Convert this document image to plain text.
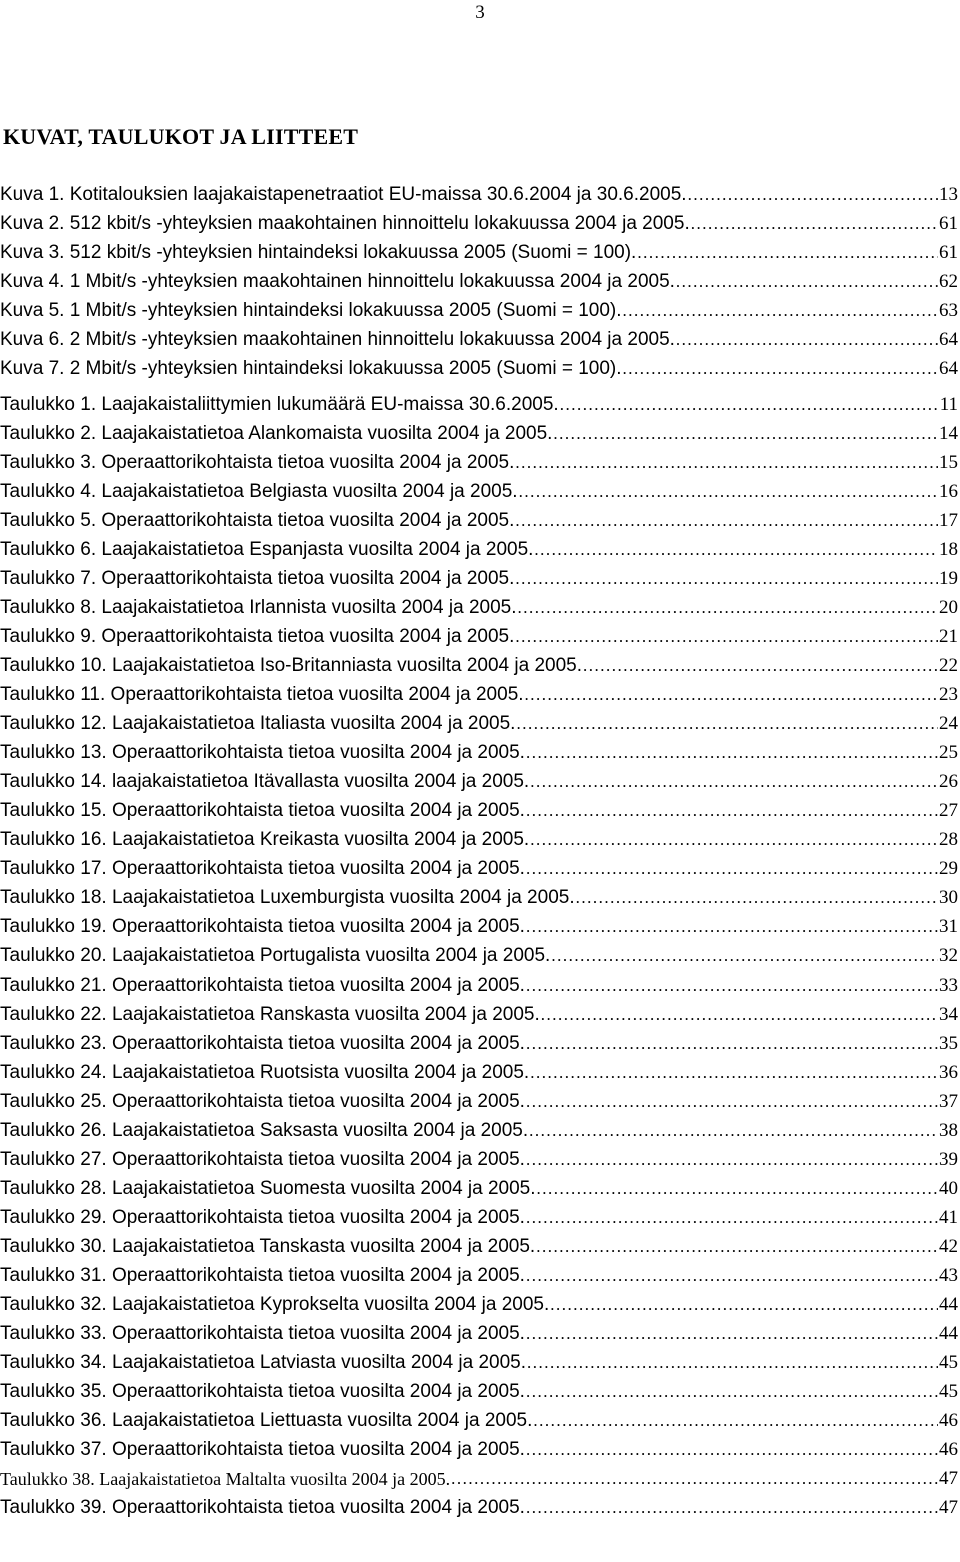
3
KUVAT, TAULUKOT JA LIITTEET
Kuva 1. Kotitalouksien laajakaistapenetraatiot EU-maissa 30.6.2004 ja 30.6.2005. .....	13
Kuva 2. 512 kbit/s -yhteyksien maakohtainen hinnoittelu lokakuussa 2004 ja 2005. .....	61
Kuva 3. 512 kbit/s -yhteyksien hintaindeksi lokakuussa 2005 (Suomi = 100). .....	61
Kuva 4. 1 Mbit/s -yhteyksien maakohtainen hinnoittelu lokakuussa 2004 ja 2005. .....	62
Kuva 5. 1 Mbit/s -yhteyksien hintaindeksi lokakuussa 2005 (Suomi = 100). .....	63
Kuva 6. 2 Mbit/s -yhteyksien maakohtainen hinnoittelu lokakuussa 2004 ja 2005. .....	64
Kuva 7. 2 Mbit/s -yhteyksien hintaindeksi lokakuussa 2005 (Suomi = 100). .....	64
Taulukko 1. Laajakaistaliittymien lukumäärä EU-maissa 30.6.2005. .....	11
Taulukko 2. Laajakaistatietoa Alankomaista vuosilta 2004 ja 2005. .....	14
Taulukko 3. Operaattorikohtaista tietoa vuosilta 2004 ja 2005. .....	15
Taulukko 4. Laajakaistatietoa Belgiasta vuosilta 2004 ja 2005. .....	16
Taulukko 5. Operaattorikohtaista tietoa vuosilta 2004 ja 2005. .....	17
Taulukko 6. Laajakaistatietoa Espanjasta vuosilta 2004 ja 2005. .....	18
Taulukko 7. Operaattorikohtaista tietoa vuosilta 2004 ja 2005. .....	19
Taulukko 8. Laajakaistatietoa Irlannista vuosilta 2004 ja 2005. .....	20
Taulukko 9. Operaattorikohtaista tietoa vuosilta 2004 ja 2005. .....	21
Taulukko 10. Laajakaistatietoa Iso-Britanniasta vuosilta 2004 ja 2005. .....	22
Taulukko 11. Operaattorikohtaista tietoa vuosilta 2004 ja 2005. .....	23
Taulukko 12. Laajakaistatietoa Italiasta vuosilta 2004 ja 2005. .....	24
Taulukko 13. Operaattorikohtaista tietoa vuosilta 2004 ja 2005. .....	25
Taulukko 14. laajakaistatietoa Itävallasta vuosilta 2004 ja 2005. .....	26
Taulukko 15. Operaattorikohtaista tietoa vuosilta 2004 ja 2005. .....	27
Taulukko 16. Laajakaistatietoa Kreikasta vuosilta 2004 ja 2005. .....	28
Taulukko 17. Operaattorikohtaista tietoa vuosilta 2004 ja 2005. .....	29
Taulukko 18. Laajakaistatietoa Luxemburgista vuosilta 2004 ja 2005. .....	30
Taulukko 19. Operaattorikohtaista tietoa vuosilta 2004 ja 2005. .....	31
Taulukko 20. Laajakaistatietoa Portugalista vuosilta 2004 ja 2005. .....	32
Taulukko 21. Operaattorikohtaista tietoa vuosilta 2004 ja 2005. .....	33
Taulukko 22. Laajakaistatietoa Ranskasta vuosilta 2004 ja 2005. .....	34
Taulukko 23. Operaattorikohtaista tietoa vuosilta 2004 ja 2005. .....	35
Taulukko 24. Laajakaistatietoa Ruotsista vuosilta 2004 ja 2005. .....	36
Taulukko 25. Operaattorikohtaista tietoa vuosilta 2004 ja 2005. .....	37
Taulukko 26. Laajakaistatietoa Saksasta vuosilta 2004 ja 2005. .....	38
Taulukko 27. Operaattorikohtaista tietoa vuosilta 2004 ja 2005. .....	39
Taulukko 28. Laajakaistatietoa Suomesta vuosilta 2004 ja 2005. .....	40
Taulukko 29. Operaattorikohtaista tietoa vuosilta 2004 ja 2005. .....	41
Taulukko 30. Laajakaistatietoa Tanskasta vuosilta 2004 ja 2005. .....	42
Taulukko 31. Operaattorikohtaista tietoa vuosilta 2004 ja 2005. .....	43
Taulukko 32. Laajakaistatietoa Kyprokselta vuosilta 2004 ja 2005. .....	44
Taulukko 33. Operaattorikohtaista tietoa vuosilta 2004 ja 2005. .....	44
Taulukko 34. Laajakaistatietoa Latviasta vuosilta 2004 ja 2005. .....	45
Taulukko 35. Operaattorikohtaista tietoa vuosilta 2004 ja 2005. .....	45
Taulukko 36. Laajakaistatietoa Liettuasta vuosilta 2004 ja 2005. .....	46
Taulukko 37. Operaattorikohtaista tietoa vuosilta 2004 ja 2005. .....	46
Taulukko 38. Laajakaistatietoa Maltalta vuosilta 2004 ja 2005. .....	47
Taulukko 39. Operaattorikohtaista tietoa vuosilta 2004 ja 2005. .....	47
